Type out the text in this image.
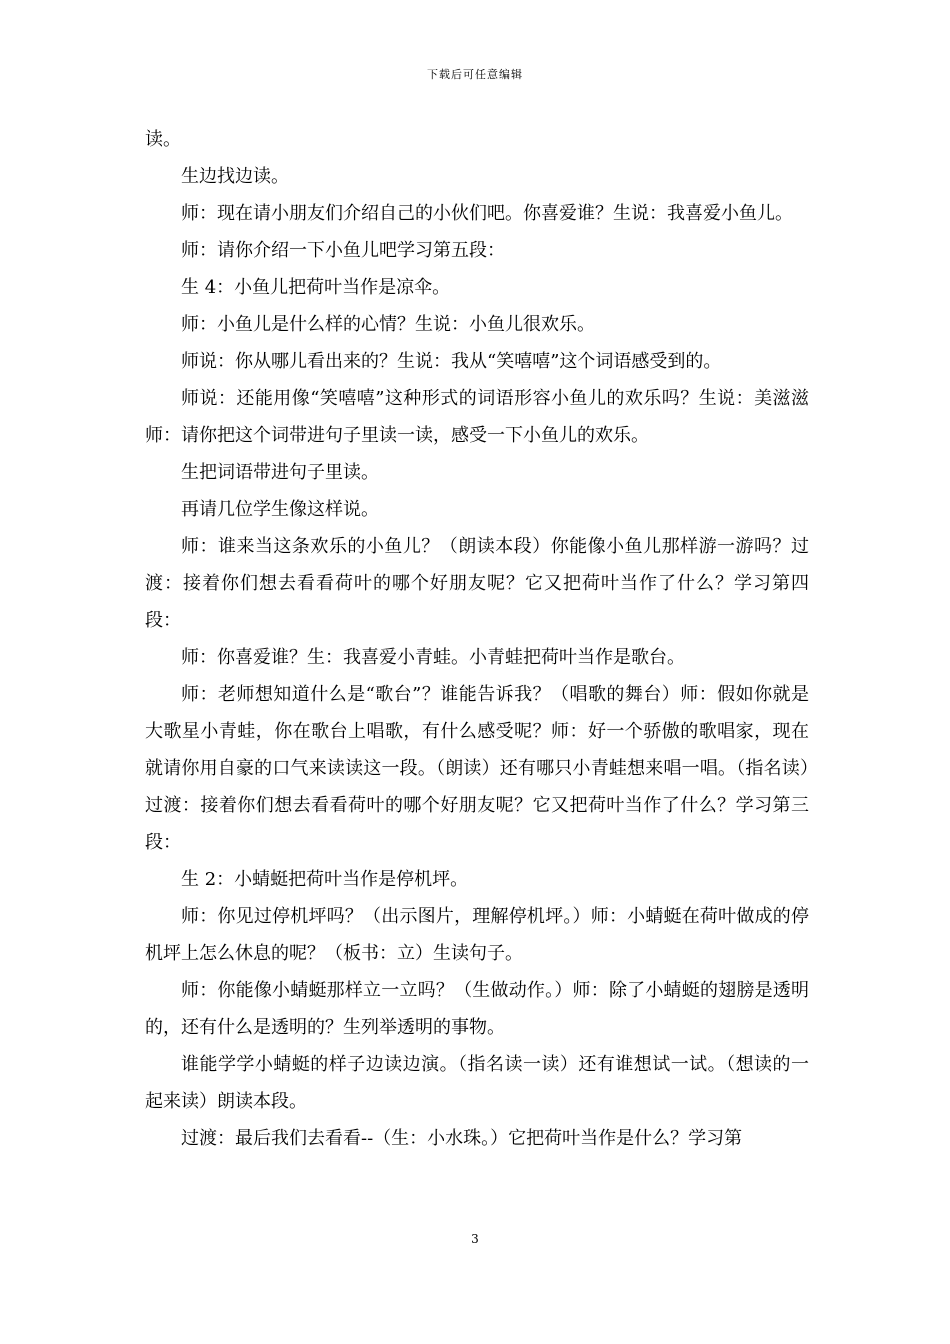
下载后可任意编辑

读。

生边找边读。

师：现在请小朋友们介绍自己的小伙们吧。你喜爱谁？生说：我喜爱小鱼儿。

师：请你介绍一下小鱼儿吧学习第五段：

生 4：小鱼儿把荷叶当作是凉伞。

师：小鱼儿是什么样的心情？生说：小鱼儿很欢乐。

师说：你从哪儿看出来的？生说：我从“笑嘻嘻”这个词语感受到的。

师说：还能用像“笑嘻嘻”这种形式的词语形容小鱼儿的欢乐吗？生说：美滋滋师：请你把这个词带进句子里读一读，感受一下小鱼儿的欢乐。

生把词语带进句子里读。

再请几位学生像这样说。

师：谁来当这条欢乐的小鱼儿？（朗读本段）你能像小鱼儿那样游一游吗？过渡：接着你们想去看看荷叶的哪个好朋友呢？它又把荷叶当作了什么？学习第四段：

师：你喜爱谁？生：我喜爱小青蛙。小青蛙把荷叶当作是歌台。

师：老师想知道什么是“歌台”？谁能告诉我？（唱歌的舞台）师：假如你就是大歌星小青蛙，你在歌台上唱歌，有什么感受呢？师：好一个骄傲的歌唱家，现在就请你用自豪的口气来读读这一段。（朗读）还有哪只小青蛙想来唱一唱。（指名读）过渡：接着你们想去看看荷叶的哪个好朋友呢？它又把荷叶当作了什么？学习第三段：

生 2：小蜻蜓把荷叶当作是停机坪。

师：你见过停机坪吗？（出示图片，理解停机坪。）师：小蜻蜓在荷叶做成的停机坪上怎么休息的呢？（板书：立）生读句子。

师：你能像小蜻蜓那样立一立吗？（生做动作。）师：除了小蜻蜓的翅膀是透明的，还有什么是透明的？生列举透明的事物。

谁能学学小蜻蜓的样子边读边演。（指名读一读）还有谁想试一试。（想读的一起来读）朗读本段。

过渡：最后我们去看看--（生：小水珠。）它把荷叶当作是什么？学习第

3
